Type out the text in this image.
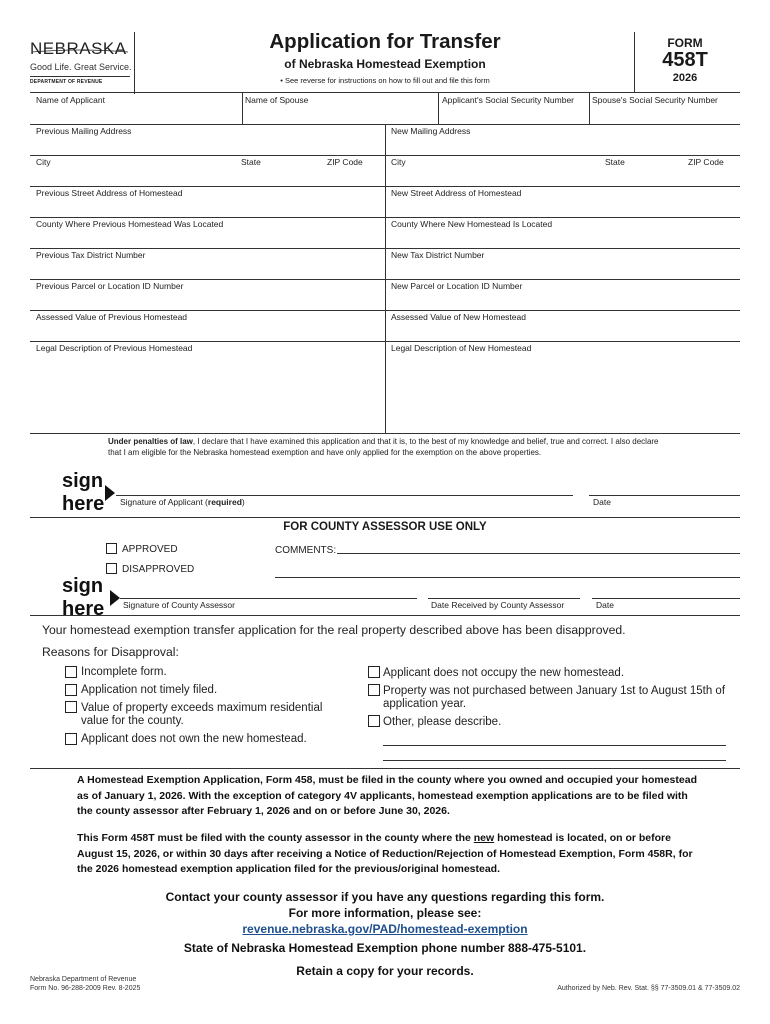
NEBRASKA
Good Life. Great Service.
DEPARTMENT OF REVENUE
Application for Transfer
of Nebraska Homestead Exemption
• See reverse for instructions on how to fill out and file this form
FORM
458T
2026
Name of Applicant	Name of Spouse	Applicant's Social Security Number Spouse's Social Security Number
Previous Mailing Address	New Mailing Address
City	State	ZIP Code	City	State	ZIP Code
Previous Street Address of Homestead	New Street Address of Homestead
County Where Previous Homestead Was Located	County Where New Homestead Is Located
Previous Tax District Number	New Tax District Number
Previous Parcel or Location ID Number	New Parcel or Location ID Number
Assessed Value of Previous Homestead	Assessed Value of New Homestead
Legal Description of Previous Homestead	Legal Description of New Homestead
Under penalties of law, I declare that I have examined this application and that it is, to the best of my knowledge and belief, true and correct. I also declare that I am eligible for the Nebraska homestead exemption and have only applied for the exemption on the above properties.
sign
here Signature of Applicant (required)	Date
FOR COUNTY ASSESSOR USE ONLY
APPROVED
DISAPPROVED
COMMENTS:
sign
here Signature of County Assessor	Date Received by County Assessor	Date
Your homestead exemption transfer application for the real property described above has been disapproved.
Reasons for Disapproval:
Incomplete form.
Application not timely filed.
Value of property exceeds maximum residential value for the county.
Applicant does not own the new homestead.
Applicant does not occupy the new homestead.
Property was not purchased between January 1st to August 15th of application year.
Other, please describe.
A Homestead Exemption Application, Form 458, must be filed in the county where you owned and occupied your homestead as of January 1, 2026. With the exception of category 4V applicants, homestead exemption applications are to be filed with the county assessor after February 1, 2026 and on or before June 30, 2026.
This Form 458T must be filed with the county assessor in the county where the new homestead is located, on or before August 15, 2026, or within 30 days after receiving a Notice of Reduction/Rejection of Homestead Exemption, Form 458R, for the 2026 homestead exemption application filed for the previous/original homestead.
Contact your county assessor if you have any questions regarding this form.
For more information, please see:
revenue.nebraska.gov/PAD/homestead-exemption
State of Nebraska Homestead Exemption phone number 888-475-5101.
Retain a copy for your records.
Nebraska Department of Revenue
Form No. 96-288-2009 Rev. 8-2025	Authorized by Neb. Rev. Stat. §§ 77-3509.01 & 77-3509.02
